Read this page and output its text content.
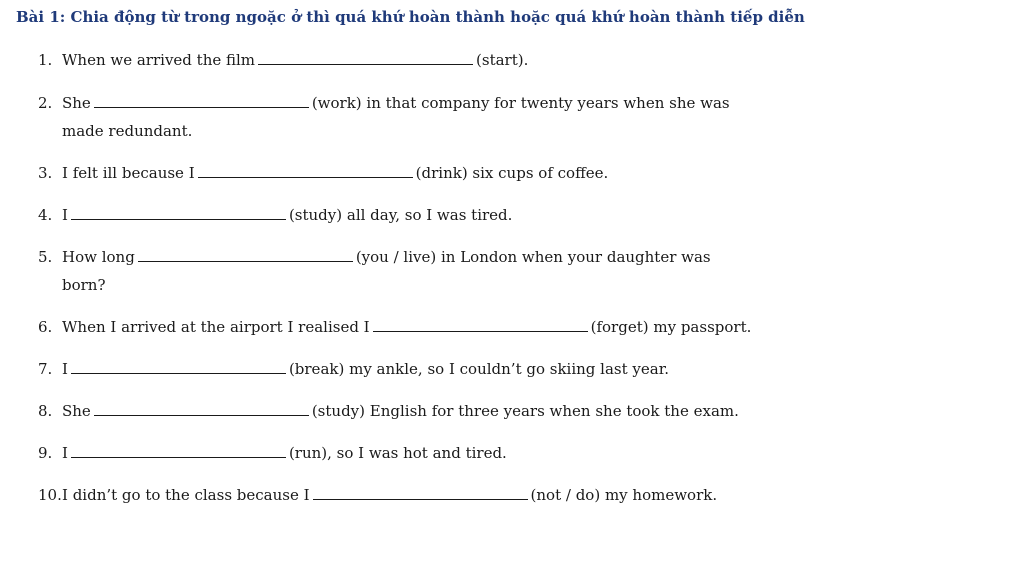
Bài 1: Chia động từ trong ngoặc ở thì quá khứ hoàn thành hoặc quá khứ hoàn thành tiếp diễn
1. When we arrived the film	(start).
2. She	(work) in that company for twenty years when she was
made redundant.
3. I felt ill because I	(drink) six cups of coffee.
4. I	(study) all day, so I was tired.
5. How long	(you / live) in London when your daughter was
born?
6. When I arrived at the airport I realised I	(forget) my passport.
7. I	(break) my ankle, so I couldn’t go skiing last year.
8. She	(study) English for three years when she took the exam.
9. I	(run), so I was hot and tired.
10.I didn’t go to the class because I	(not / do) my homework.
